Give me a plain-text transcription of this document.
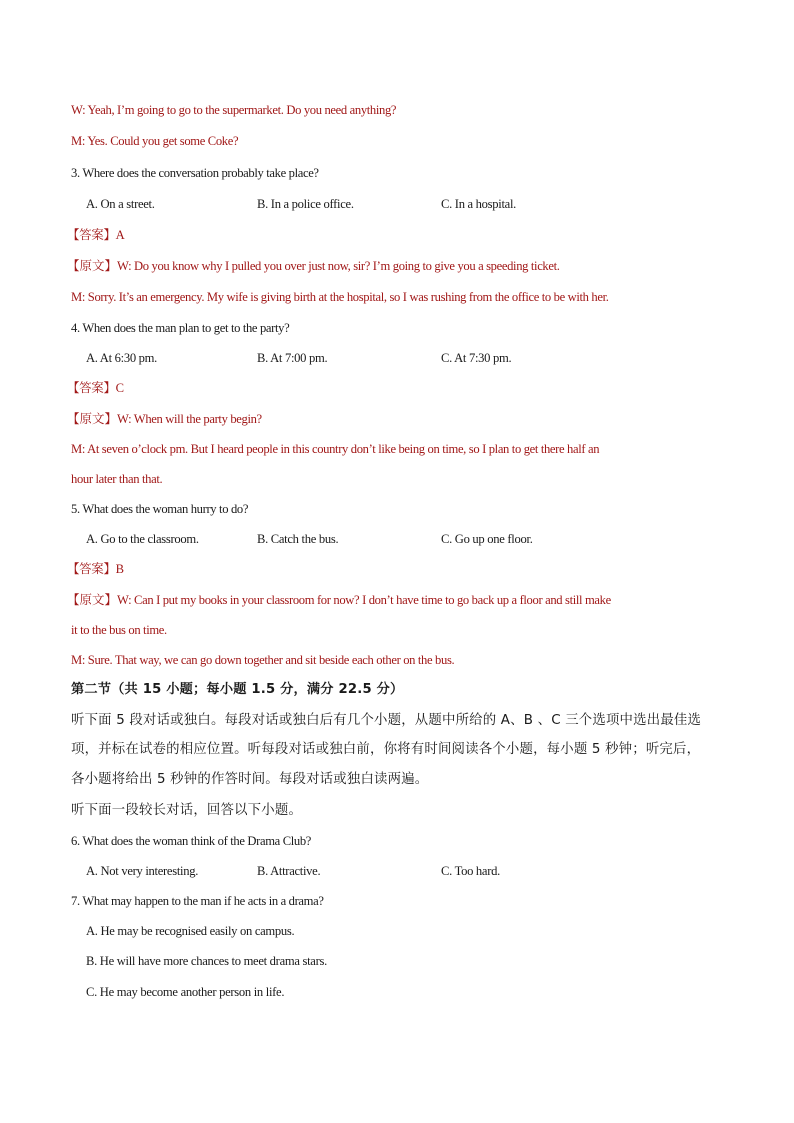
W: Yeah, I’m going to go to the supermarket. Do you need anything?
M: Yes. Could you get some Coke?
3. Where does the conversation probably take place?
A. On a street.	B. In a police office.	C. In a hospital.
【答案】A
【原文】W: Do you know why I pulled you over just now, sir? I’m going to give you a speeding ticket.
M: Sorry. It’s an emergency. My wife is giving birth at the hospital, so I was rushing from the office to be with her.
4. When does the man plan to get to the party?
A. At 6:30 pm.	B. At 7:00 pm.	C. At 7:30 pm.
【答案】C
【原文】W: When will the party begin?
M: At seven o’clock pm. But I heard people in this country don’t like being on time, so I plan to get there half an
hour later than that.
5. What does the woman hurry to do?
A. Go to the classroom.	B. Catch the bus.	C. Go up one floor.
【答案】B
【原文】W: Can I put my books in your classroom for now? I don’t have time to go back up a floor and still make
it to the bus on time.
M: Sure. That way, we can go down together and sit beside each other on the bus.
第二节（共 15 小题；每小题 1.5 分，满分 22.5 分）
听下面 5 段对话或独白。每段对话或独白后有几个小题，从题中所给的 A、B 、C 三个选项中选出最佳选
项，并标在试卷的相应位置。听每段对话或独白前，你将有时间阅读各个小题，每小题 5 秒钟；听完后，
各小题将给出 5 秒钟的作答时间。每段对话或独白读两遍。
听下面一段较长对话，回答以下小题。
6. What does the woman think of the Drama Club?
A. Not very interesting.	B. Attractive.	C. Too hard.
7. What may happen to the man if he acts in a drama?
A. He may be recognised easily on campus.
B. He will have more chances to meet drama stars.
C. He may become another person in life.
